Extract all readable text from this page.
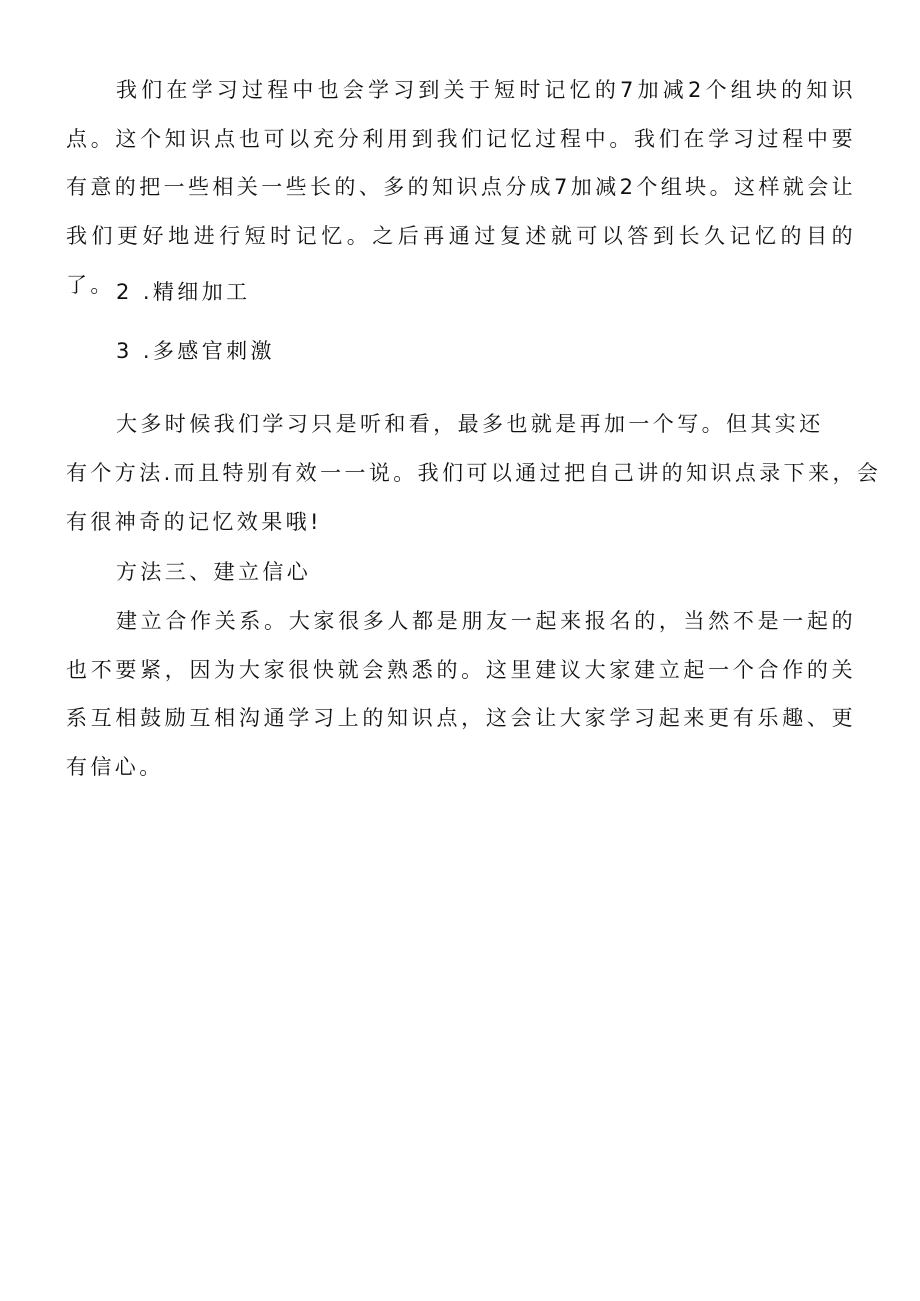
我们在学习过程中也会学习到关于短时记忆的7加减2个组块的知识点。这个知识点也可以充分利用到我们记忆过程中。我们在学习过程中要有意的把一些相关一些长的、多的知识点分成7加减2个组块。这样就会让我们更好地进行短时记忆。之后再通过复述就可以答到长久记忆的目的了。 2 .精细加工

3 .多感官刺激

大多时候我们学习只是听和看，最多也就是再加一个写。但其实还

有个方法.而且特别有效一一说。我们可以通过把自己讲的知识点录下来，会

有很神奇的记忆效果哦!

方法三、建立信心

建立合作关系。大家很多人都是朋友一起来报名的，当然不是一起的也不要紧，因为大家很快就会熟悉的。这里建议大家建立起一个合作的关系互相鼓励互相沟通学习上的知识点，这会让大家学习起来更有乐趣、更有信心。
